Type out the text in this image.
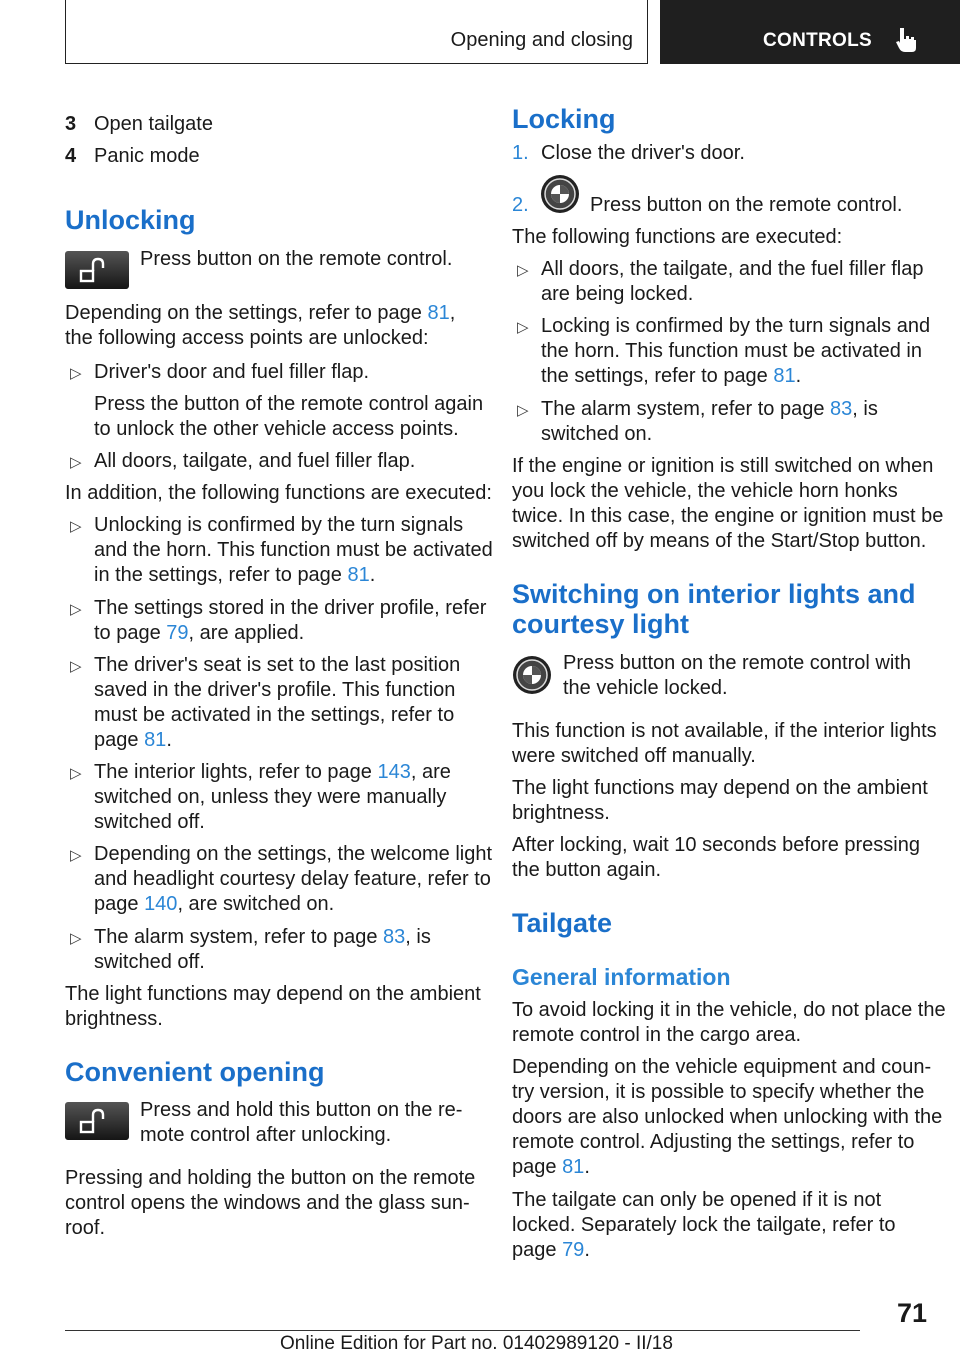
Opening and closing	CONTROLS
3 Open tailgate
4 Panic mode
Unlocking
Press button on the remote control.

Depending on the settings, refer to page 81,

the following access points are unlocked:

▷ Driver's door and fuel filler flap.

Press the button of the remote control again

to unlock the other vehicle access points.

▷ All doors, tailgate, and fuel filler flap.

In addition, the following functions are executed:

▷ Unlocking is confirmed by the turn signals

and the horn. This function must be activated

in the settings, refer to page 81.

▷ The settings stored in the driver profile, refer

to page 79, are applied.

▷ The driver's seat is set to the last position

saved in the driver's profile. This function

must be activated in the settings, refer to

page 81.

▷ The interior lights, refer to page 143, are

switched on, unless they were manually

switched off.

▷ Depending on the settings, the welcome light

and headlight courtesy delay feature, refer to

page 140, are switched on.

▷ The alarm system, refer to page 83, is

switched off.

The light functions may depend on the ambient

brightness.

Convenient opening

Press and hold this button on the re‐

mote control after unlocking.

Pressing and holding the button on the remote

control opens the windows and the glass sun‐

roof.

Locking
1. Close the driver's door.

2.	Press button on the remote control.

The following functions are executed:

▷ All doors, the tailgate, and the fuel filler flap

are being locked.

▷ Locking is confirmed by the turn signals and

the horn. This function must be activated in

the settings, refer to page 81.

▷ The alarm system, refer to page 83, is

switched on.

If the engine or ignition is still switched on when

you lock the vehicle, the vehicle horn honks

twice. In this case, the engine or ignition must be

switched off by means of the Start/Stop button.

Switching on interior lights and
courtesy light

Press button on the remote control with

the vehicle locked.

This function is not available, if the interior lights

were switched off manually.

The light functions may depend on the ambient

brightness.

After locking, wait 10 seconds before pressing

the button again.

Tailgate
General information

To avoid locking it in the vehicle, do not place the

remote control in the cargo area.

Depending on the vehicle equipment and coun‐

try version, it is possible to specify whether the

doors are also unlocked when unlocking with the

remote control. Adjusting the settings, refer to

page 81.

The tailgate can only be opened if it is not

locked. Separately lock the tailgate, refer to

page 79.

71
Online Edition for Part no. 01402989120 - II/18
